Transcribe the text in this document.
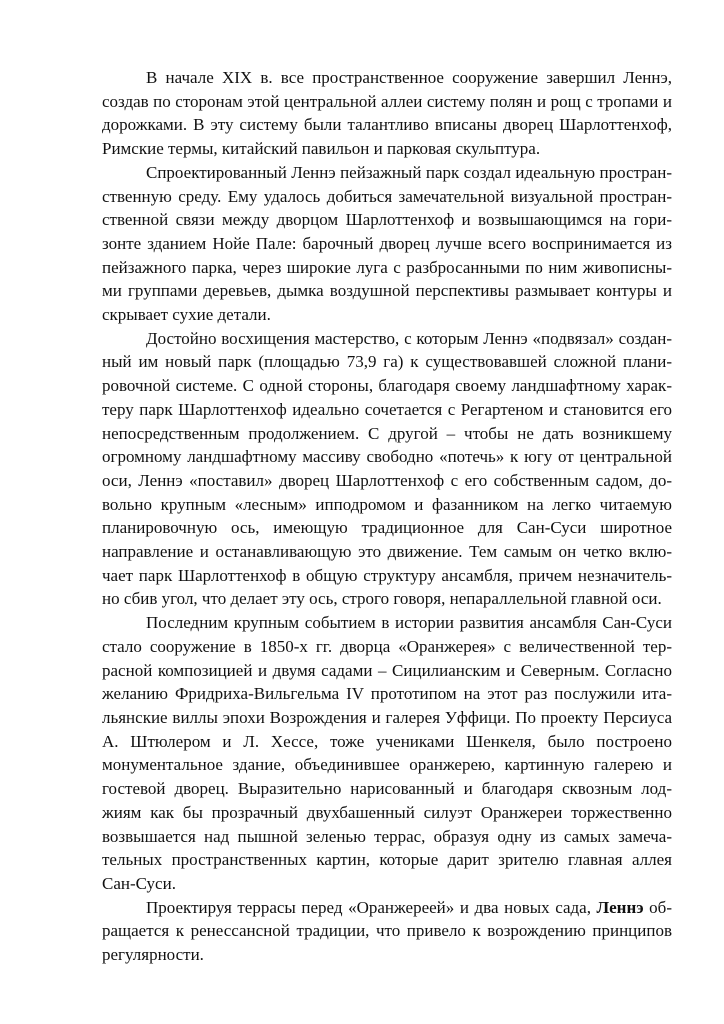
В начале XIX в. все пространственное сооружение завершил Леннэ, создав по сторонам этой центральной аллеи систему полян и рощ с тропами и дорожками. В эту систему были талантливо вписаны дворец Шарлоттенхоф, Римские термы, китайский павильон и парковая скульптура.

Спроектированный Леннэ пейзажный парк создал идеальную пространственную среду. Ему удалось добиться замечательной визуальной пространственной связи между дворцом Шарлоттенхоф и возвышающимся на горизонте зданием Нойе Пале: барочный дворец лучше всего воспринимается из пейзажного парка, через широкие луга с разбросанными по ним живописными группами деревьев, дымка воздушной перспективы размывает контуры и скрывает сухие детали.

Достойно восхищения мастерство, с которым Леннэ «подвязал» созданный им новый парк (площадью 73,9 га) к существовавшей сложной планировочной системе. С одной стороны, благодаря своему ландшафтному характеру парк Шарлоттенхоф идеально сочетается с Регартеном и становится его непосредственным продолжением. С другой – чтобы не дать возникшему огромному ландшафтному массиву свободно «потечь» к югу от центральной оси, Леннэ «поставил» дворец Шарлоттенхоф с его собственным садом, довольно крупным «лесным» ипподромом и фазанником на легко читаемую планировочную ось, имеющую традиционное для Сан-Суси широтное направление и останавливающую это движение. Тем самым он четко включает парк Шарлоттенхоф в общую структуру ансамбля, причем незначительно сбив угол, что делает эту ось, строго говоря, непараллельной главной оси.

Последним крупным событием в истории развития ансамбля Сан-Суси стало сооружение в 1850-х гг. дворца «Оранжерея» с величественной террасной композицией и двумя садами – Сицилианским и Северным. Согласно желанию Фридриха-Вильгельма IV прототипом на этот раз послужили итальянские виллы эпохи Возрождения и галерея Уффици. По проекту Персиуса А. Штюлером и Л. Хессе, тоже учениками Шенкеля, было построено монументальное здание, объединившее оранжерею, картинную галерею и гостевой дворец. Выразительно нарисованный и благодаря сквозным лоджиям как бы прозрачный двухбашенный силуэт Оранжереи торжественно возвышается над пышной зеленью террас, образуя одну из самых замечательных пространственных картин, которые дарит зрителю главная аллея Сан-Суси.

Проектируя террасы перед «Оранжереей» и два новых сада, Леннэ обращается к ренессансной традиции, что привело к возрождению принципов регулярности.
